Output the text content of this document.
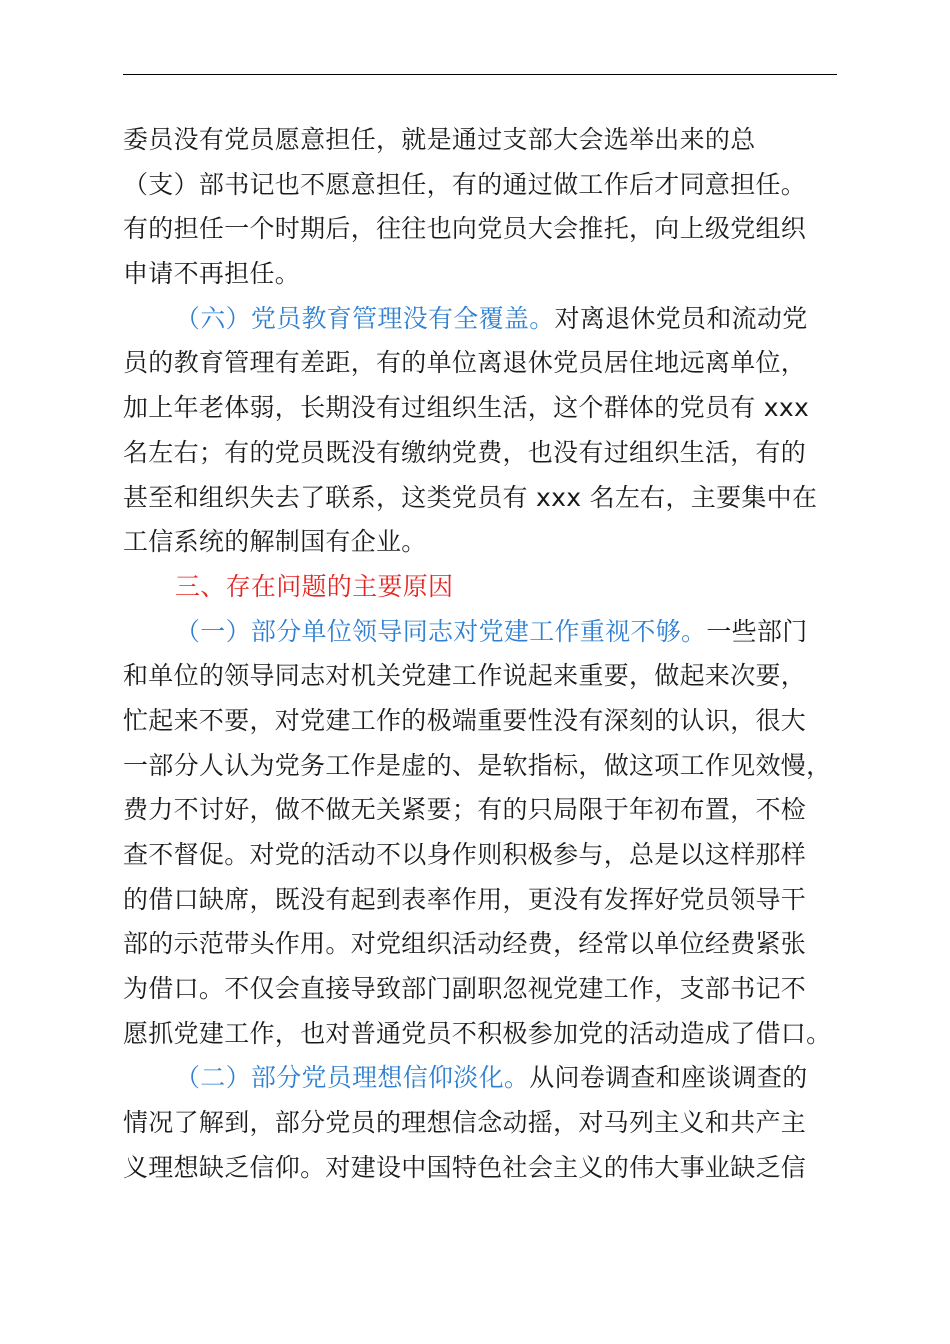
委员没有党员愿意担任，就是通过支部大会选举出来的总
（支）部书记也不愿意担任，有的通过做工作后才同意担任。
有的担任一个时期后，往往也向党员大会推托，向上级党组织
申请不再担任。
（六）党员教育管理没有全覆盖。对离退休党员和流动党
员的教育管理有差距，有的单位离退休党员居住地远离单位，
加上年老体弱，长期没有过组织生活，这个群体的党员有 xxx
名左右；有的党员既没有缴纳党费，也没有过组织生活，有的
甚至和组织失去了联系，这类党员有 xxx 名左右，主要集中在
工信系统的解制国有企业。
三、存在问题的主要原因
（一）部分单位领导同志对党建工作重视不够。一些部门
和单位的领导同志对机关党建工作说起来重要，做起来次要，
忙起来不要，对党建工作的极端重要性没有深刻的认识，很大
一部分人认为党务工作是虚的、是软指标，做这项工作见效慢，
费力不讨好，做不做无关紧要；有的只局限于年初布置，不检
查不督促。对党的活动不以身作则积极参与，总是以这样那样
的借口缺席，既没有起到表率作用，更没有发挥好党员领导干
部的示范带头作用。对党组织活动经费，经常以单位经费紧张
为借口。不仅会直接导致部门副职忽视党建工作，支部书记不
愿抓党建工作，也对普通党员不积极参加党的活动造成了借口。
（二）部分党员理想信仰淡化。从问卷调查和座谈调查的
情况了解到，部分党员的理想信念动摇，对马列主义和共产主
义理想缺乏信仰。对建设中国特色社会主义的伟大事业缺乏信
